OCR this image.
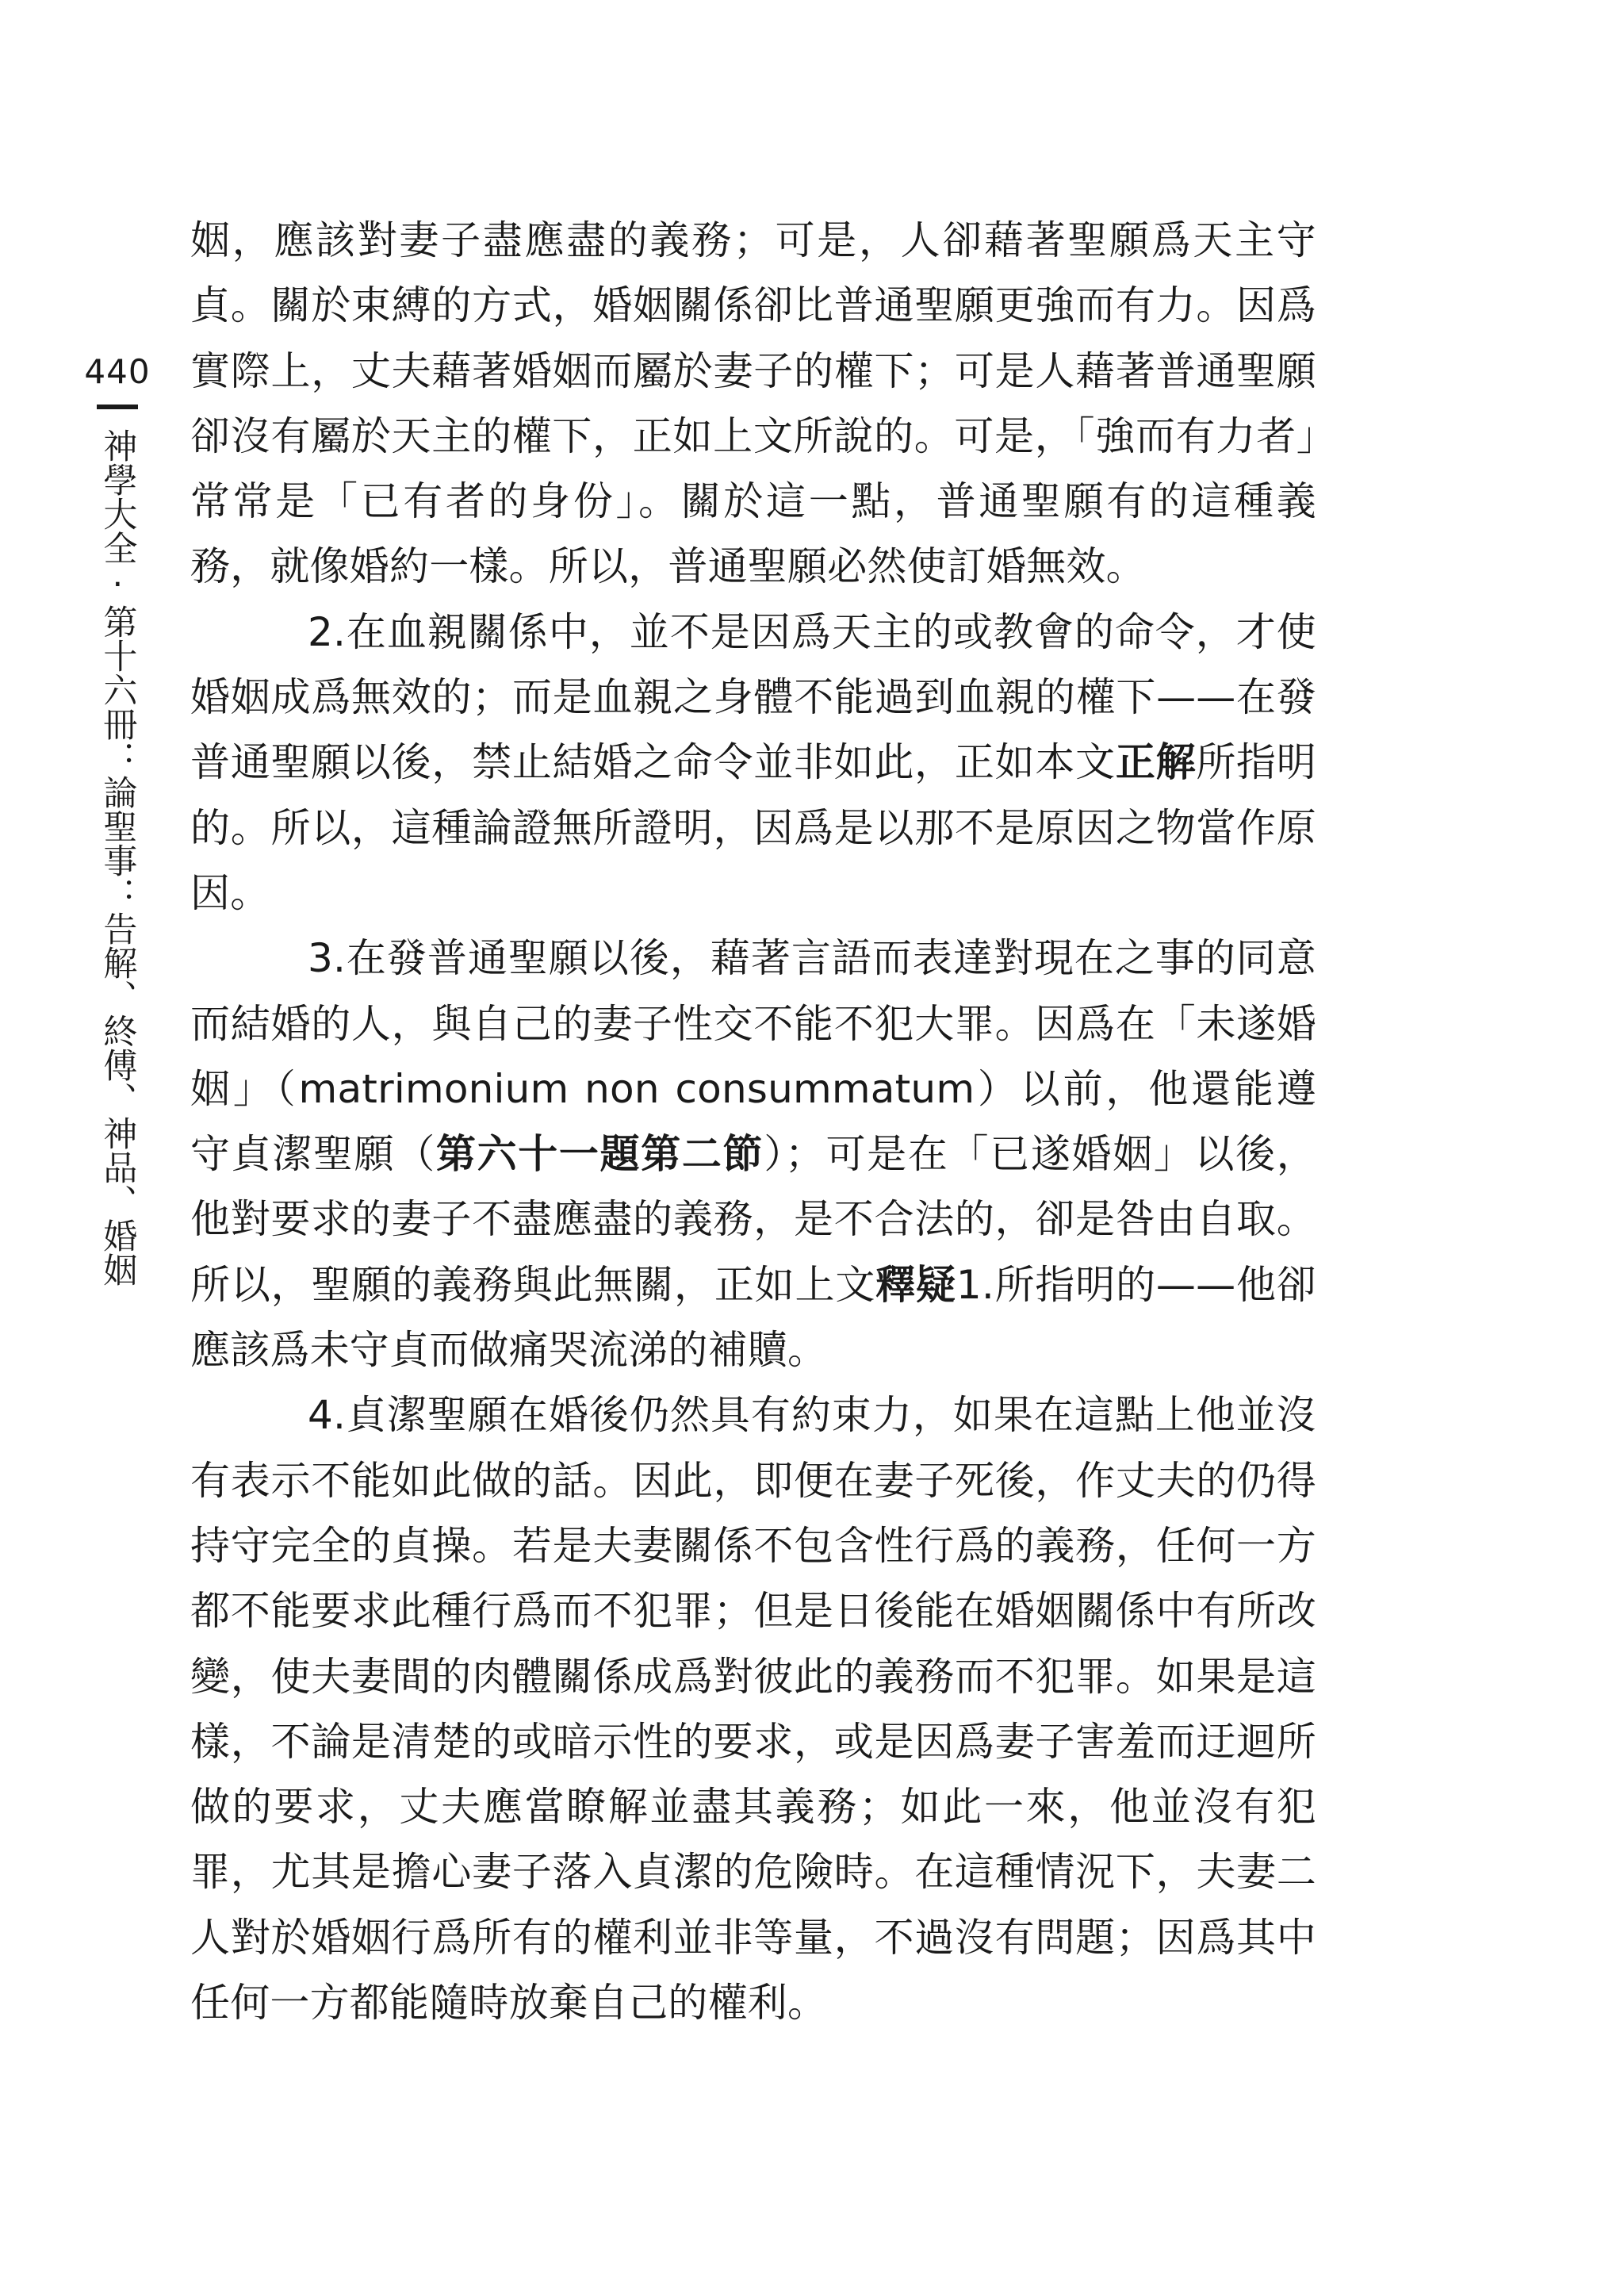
440
神學大全·第十六冊：論聖事：告解、終傅、神品、婚姻

姻，應該對妻子盡應盡的義務；可是，人卻藉著聖願爲天主守貞。關於束縛的方式，婚姻關係卻比普通聖願更強而有力。因爲實際上，丈夫藉著婚姻而屬於妻子的權下；可是人藉著普通聖願卻沒有屬於天主的權下，正如上文所說的。可是，「強而有力者」常常是「已有者的身份」。關於這一點，普通聖願有的這種義務，就像婚約一樣。所以，普通聖願必然使訂婚無效。

2.在血親關係中，並不是因爲天主的或教會的命令，才使婚姻成爲無效的；而是血親之身體不能過到血親的權下——在發普通聖願以後，禁止結婚之命令並非如此，正如本文正解所指明的。所以，這種論證無所證明，因爲是以那不是原因之物當作原因。

3.在發普通聖願以後，藉著言語而表達對現在之事的同意而結婚的人，與自己的妻子性交不能不犯大罪。因爲在「未遂婚姻」（matrimonium non consummatum）以前，他還能遵守貞潔聖願（第六十一題第二節）；可是在「已遂婚姻」以後，他對要求的妻子不盡應盡的義務，是不合法的，卻是咎由自取。所以，聖願的義務與此無關，正如上文釋疑1.所指明的——他卻應該爲未守貞而做痛哭流涕的補贖。

4.貞潔聖願在婚後仍然具有約束力，如果在這點上他並沒有表示不能如此做的話。因此，即便在妻子死後，作丈夫的仍得持守完全的貞操。若是夫妻關係不包含性行爲的義務，任何一方都不能要求此種行爲而不犯罪；但是日後能在婚姻關係中有所改變，使夫妻間的肉體關係成爲對彼此的義務而不犯罪。如果是這樣，不論是清楚的或暗示性的要求，或是因爲妻子害羞而迂迴所做的要求，丈夫應當瞭解並盡其義務；如此一來，他並沒有犯罪，尤其是擔心妻子落入貞潔的危險時。在這種情況下，夫妻二人對於婚姻行爲所有的權利並非等量，不過沒有問題；因爲其中任何一方都能隨時放棄自己的權利。
